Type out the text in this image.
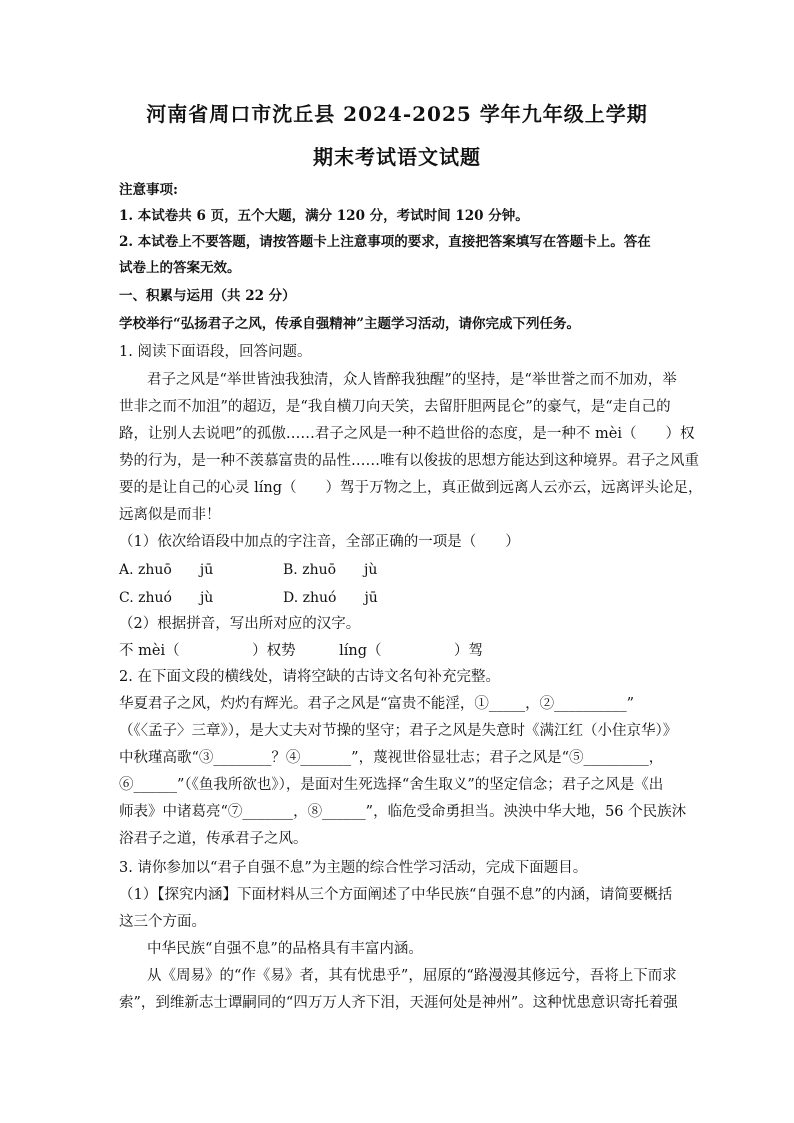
河南省周口市沈丘县 2024-2025 学年九年级上学期
期末考试语文试题
注意事项:
1. 本试卷共 6 页，五个大题，满分 120 分，考试时间 120 分钟。
2. 本试卷上不要答题，请按答题卡上注意事项的要求，直接把答案填写在答题卡上。答在
试卷上的答案无效。
一、积累与运用（共 22 分）
学校举行“弘扬君子之风，传承自强精神”主题学习活动，请你完成下列任务。
1. 阅读下面语段，回答问题。
君子之风是“举世皆浊我独清，众人皆醉我独醒”的坚持，是“举世誉之而不加劝，举
世非之而不加沮”的超迈，是“我自横刀向天笑，去留肝胆两昆仑”的豪气，是“走自己的
路，让别人去说吧”的孤傲……君子之风是一种不趋世俗的态度，是一种不 mèi（　　）权
势的行为，是一种不羡慕富贵的品性……唯有以俊拔的思想方能达到这种境界。君子之风重
要的是让自己的心灵 líng（　　）驾于万物之上，真正做到远离人云亦云，远离评头论足，
远离似是而非！
（1）依次给语段中加点的字注音，全部正确的一项是（　　）
A. zhuō　　jū	B. zhuō　　jù
C. zhuó　　jù	D. zhuó　　jū
（2）根据拼音，写出所对应的汉字。
不 mèi（　　　　　）权势　　　líng（　　　　　）驾
2. 在下面文段的横线处，请将空缺的古诗文名句补充完整。
华夏君子之风，灼灼有辉光。君子之风是“富贵不能淫，①_____，②__________”
（《〈孟子〉三章》），是大丈夫对节操的坚守；君子之风是失意时《满江红（小住京华）》
中秋瑾高歌“③________？④_______”，蔑视世俗显壮志；君子之风是“⑤_________，
⑥______”（《鱼我所欲也》），是面对生死选择“舍生取义”的坚定信念；君子之风是《出
师表》中诸葛亮“⑦_______，⑧______”，临危受命勇担当。泱泱中华大地，56 个民族沐
浴君子之道，传承君子之风。
3. 请你参加以“君子自强不息”为主题的综合性学习活动，完成下面题目。
（1）【探究内涵】下面材料从三个方面阐述了中华民族“自强不息”的内涵，请简要概括
这三个方面。
中华民族“自强不息”的品格具有丰富内涵。
从《周易》的“作《易》者，其有忧患乎”，屈原的“路漫漫其修远兮，吾将上下而求
索”，到维新志士谭嗣同的“四万万人齐下泪，天涯何处是神州”。这种忧患意识寄托着强
